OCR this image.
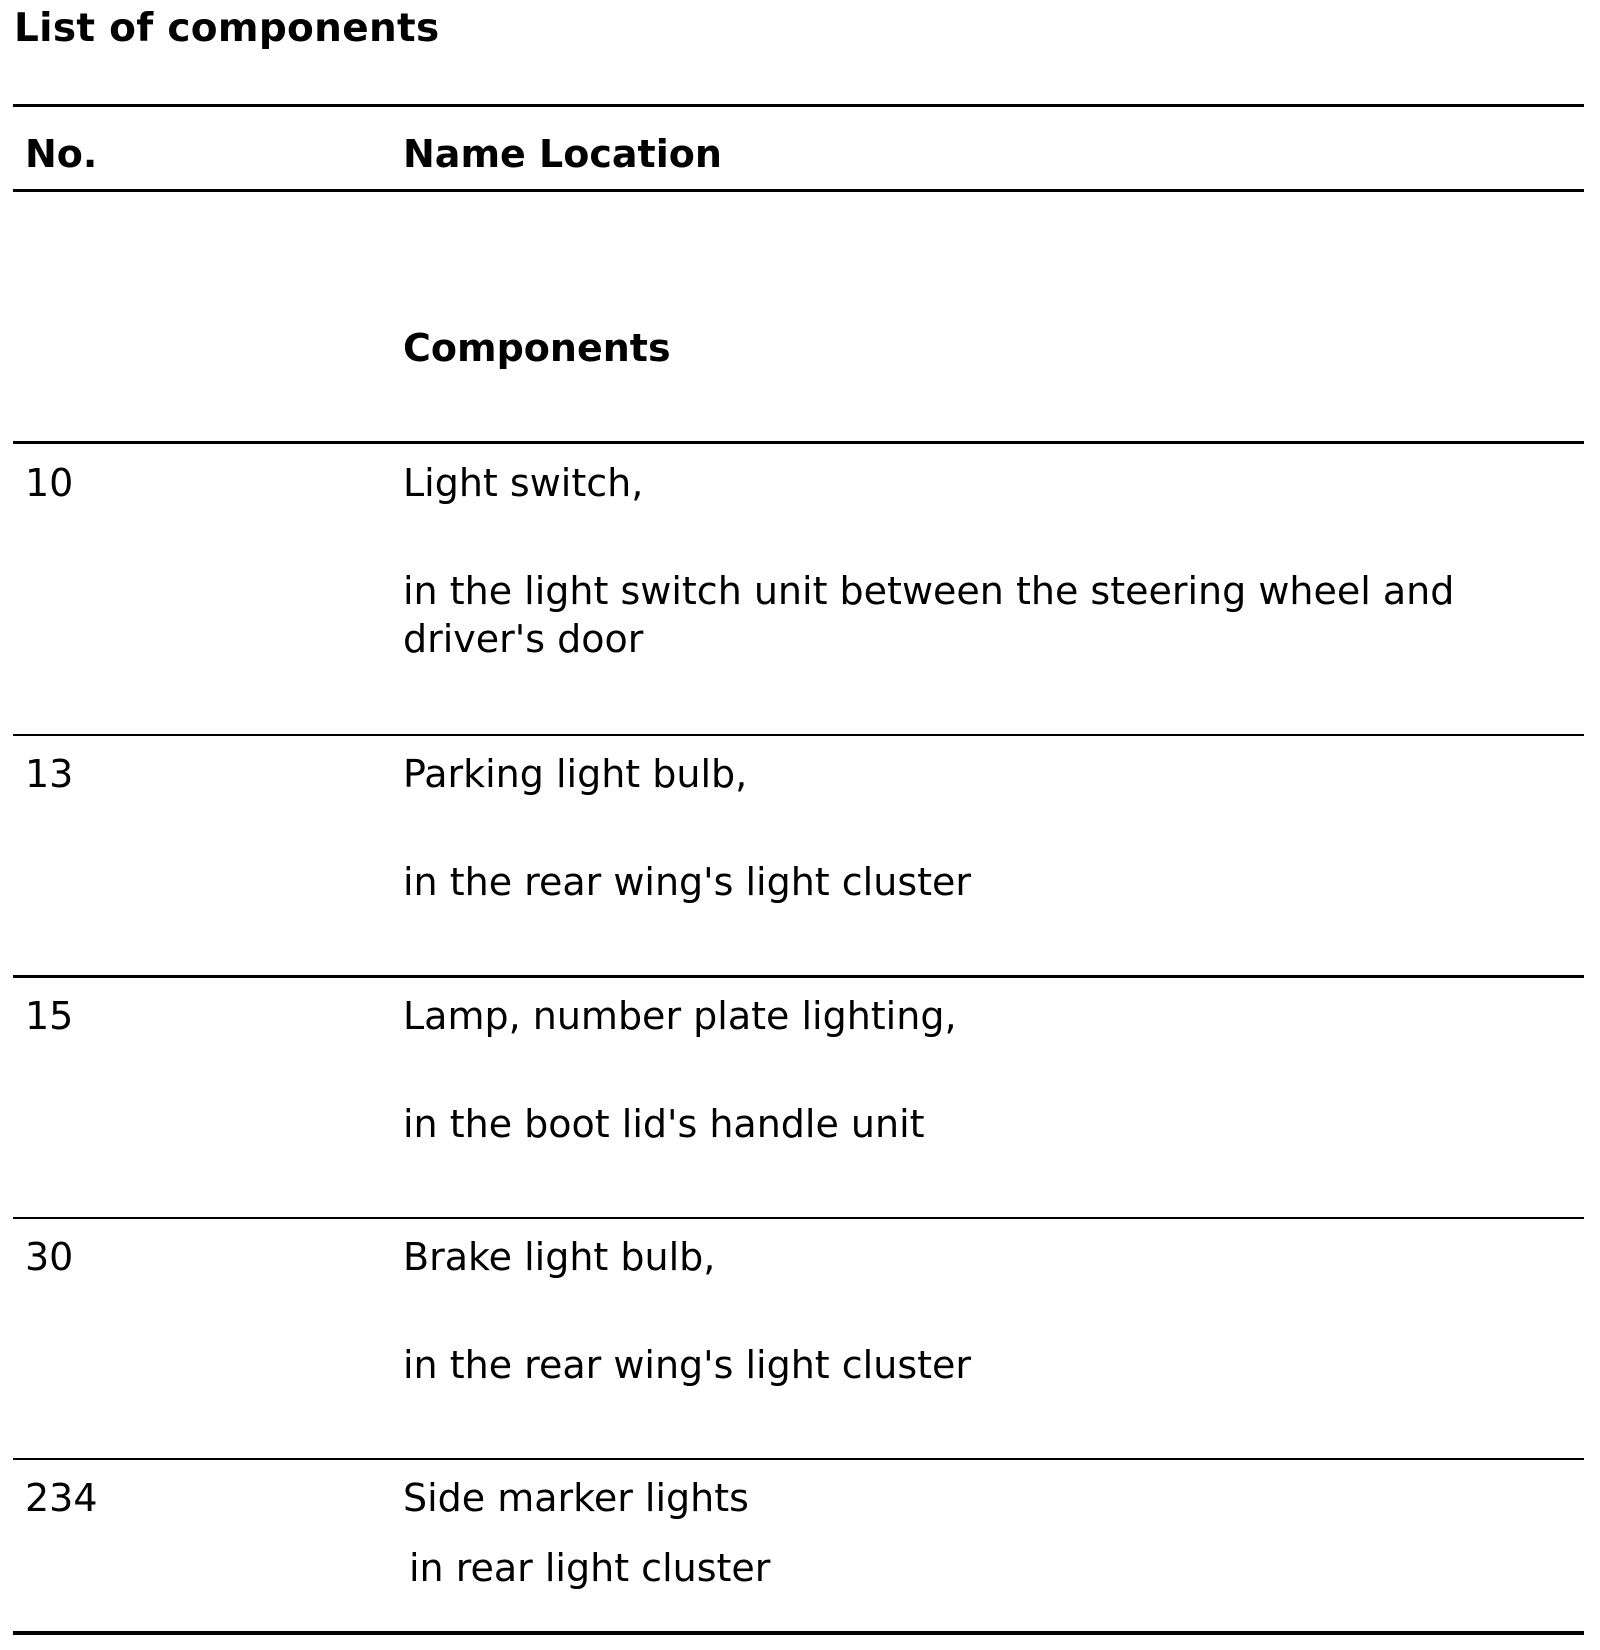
List of components
No.	Name Location
Components
10	Light switch,
in the light switch unit between the steering wheel and driver's door
13	Parking light bulb,
in the rear wing's light cluster
15	Lamp, number plate lighting,
in the boot lid's handle unit
30	Brake light bulb,
in the rear wing's light cluster
234	Side marker lights
in rear light cluster
